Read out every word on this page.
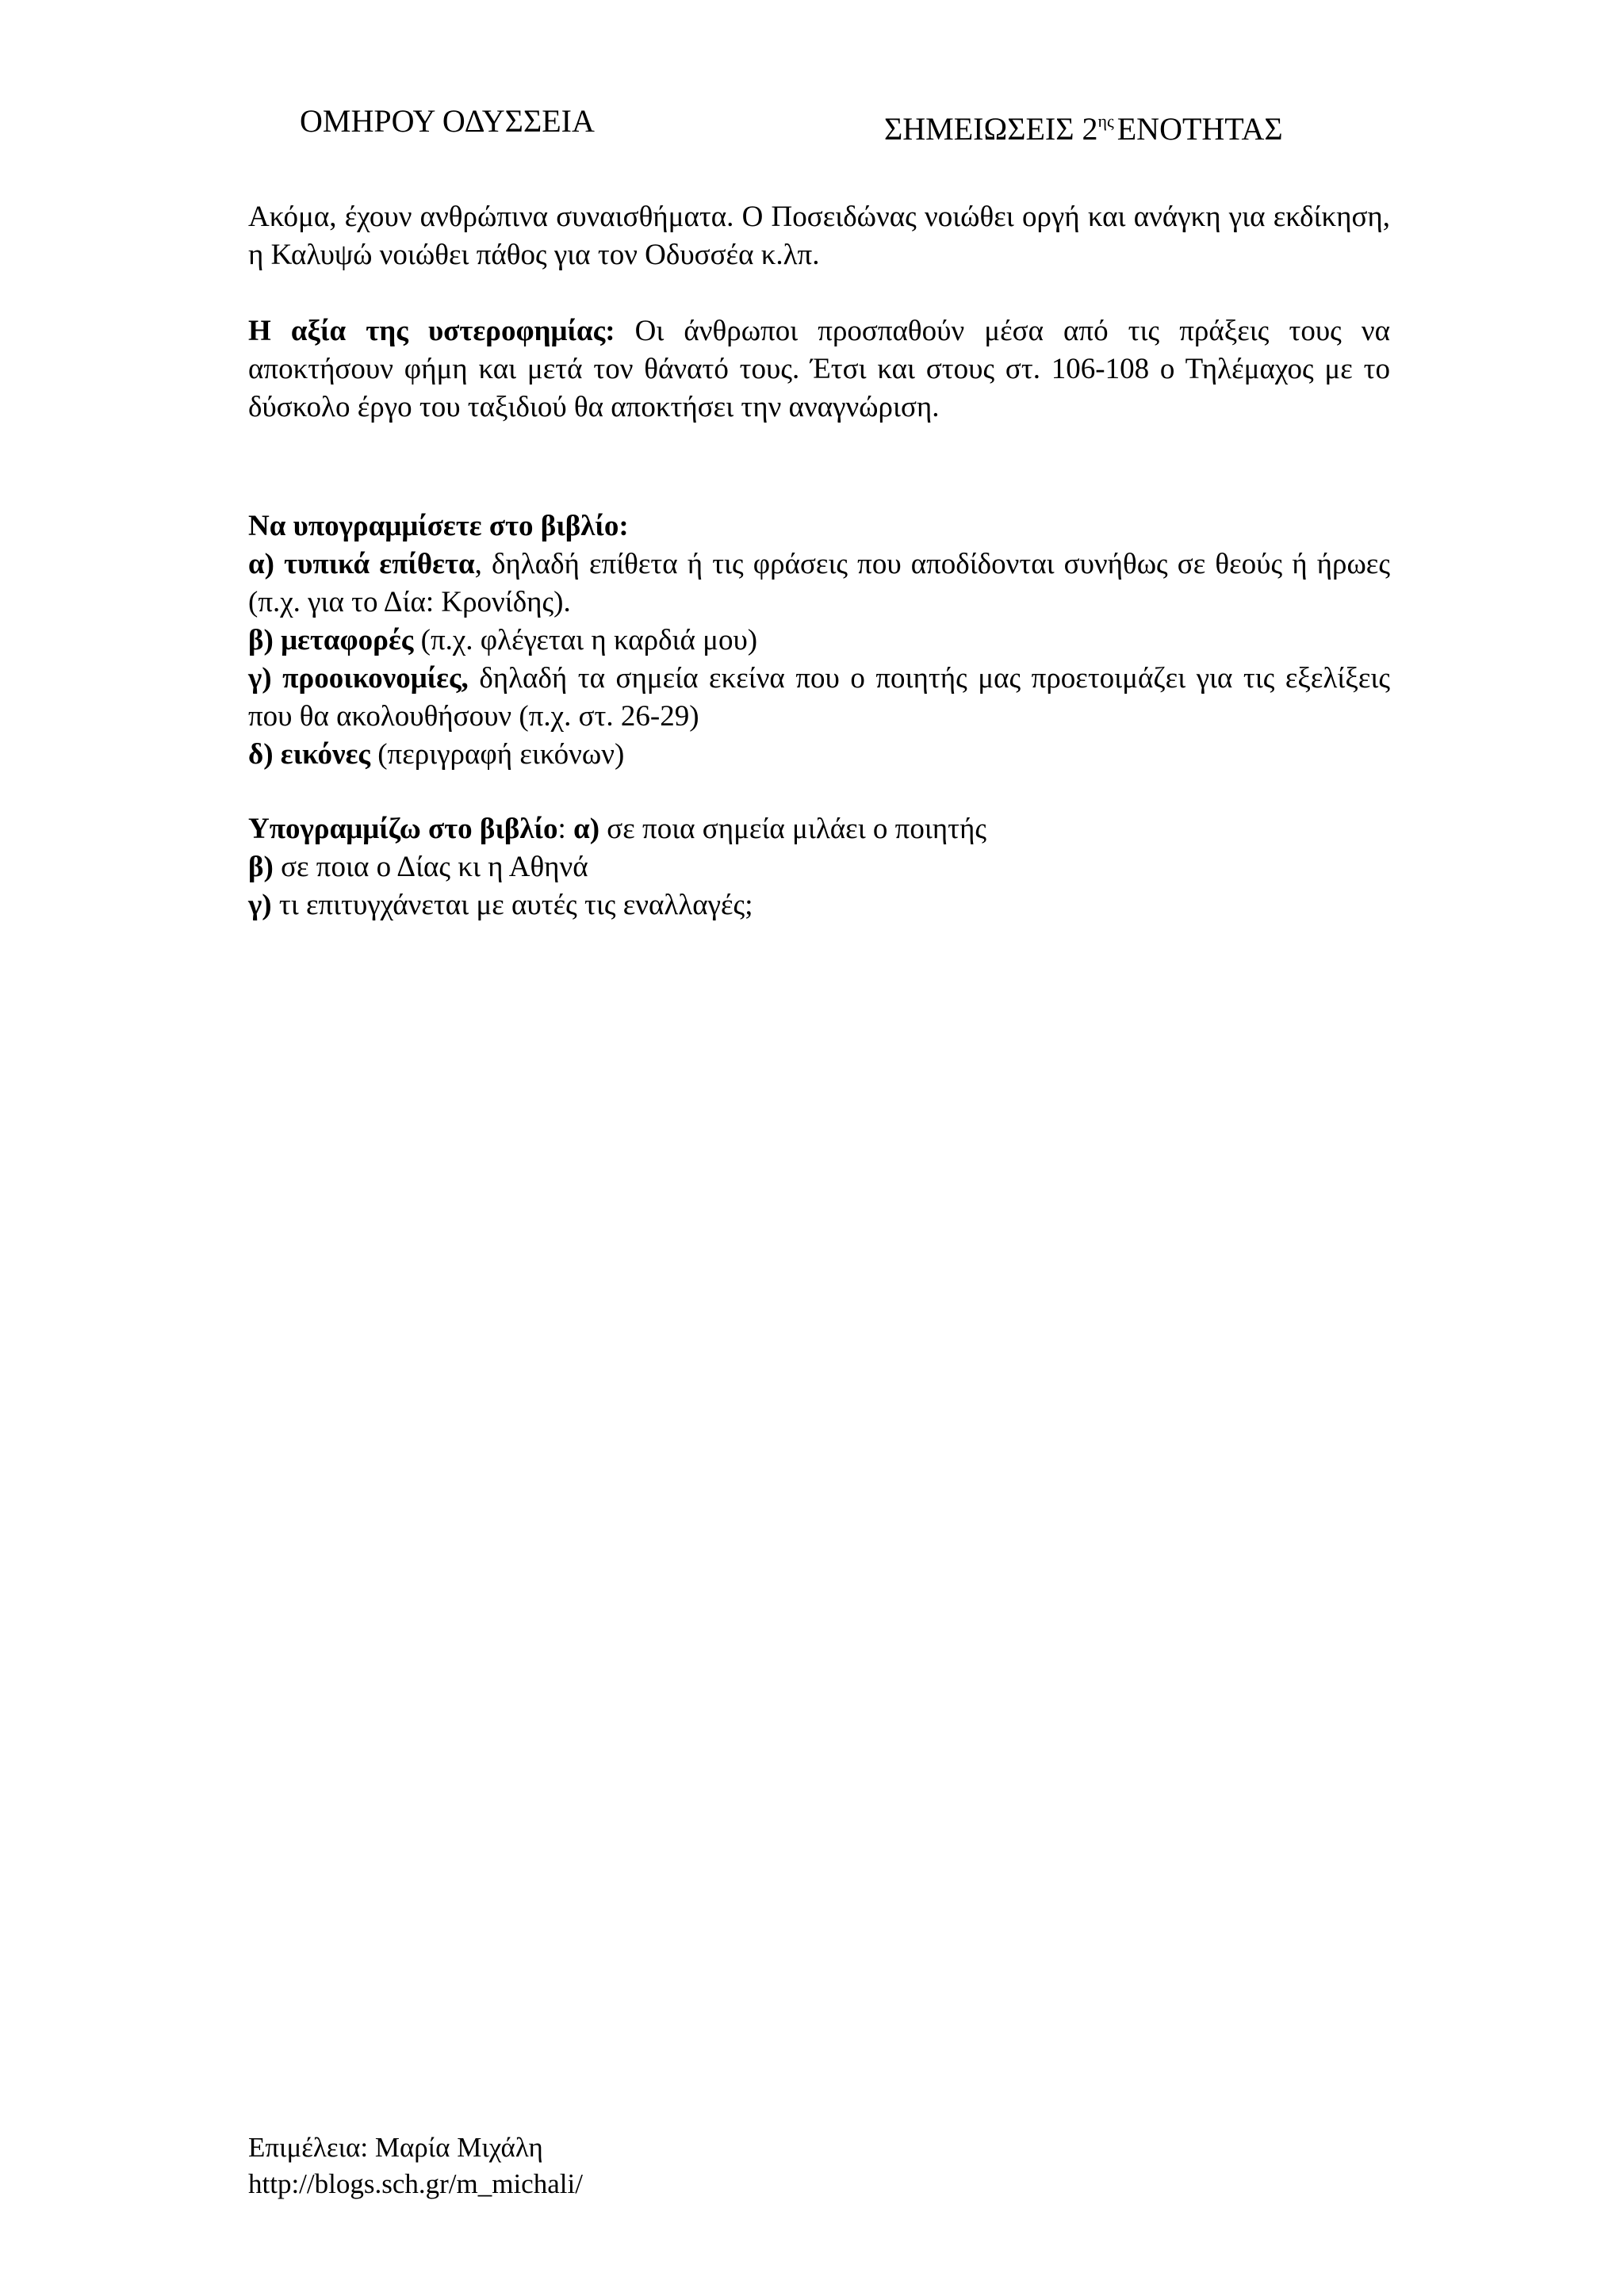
ΟΜΗΡΟΥ ΟΔΥΣΣΕΙΑ	ΣΗΜΕΙΩΣΕΙΣ $2^{\eta\varsigma}$ ΕΝΟΤΗΤΑΣ

Ακόμα, έχουν ανθρώπινα συναισθήματα. Ο Ποσειδώνας νοιώθει οργή και ανάγκη για εκδίκηση, η Καλυψώ νοιώθει πάθος για τον Οδυσσέα κ.λπ.

Η αξία της υστεροφημίας: Οι άνθρωποι προσπαθούν μέσα από τις πράξεις τους να αποκτήσουν φήμη και μετά τον θάνατό τους. Έτσι και στους στ. 106-108 ο Τηλέμαχος με το δύσκολο έργο του ταξιδιού θα αποκτήσει την αναγνώριση.

Να υπογραμμίσετε στο βιβλίο:

α) τυπικά επίθετα, δηλαδή επίθετα ή τις φράσεις που αποδίδονται συνήθως σε θεούς ή ήρωες (π.χ. για το Δία: Κρονίδης).

β) μεταφορές (π.χ. φλέγεται η καρδιά μου)

γ) προοικονομίες, δηλαδή τα σημεία εκείνα που ο ποιητής μας προετοιμάζει για τις εξελίξεις που θα ακολουθήσουν (π.χ. στ. 26-29)

δ) εικόνες (περιγραφή εικόνων)

Υπογραμμίζω στο βιβλίο: α) σε ποια σημεία μιλάει ο ποιητής

β) σε ποια ο Δίας κι η Αθηνά

γ) τι επιτυγχάνεται με αυτές τις εναλλαγές;

Επιμέλεια: Μαρία Μιχάλη
http://blogs.sch.gr/m_michali/
